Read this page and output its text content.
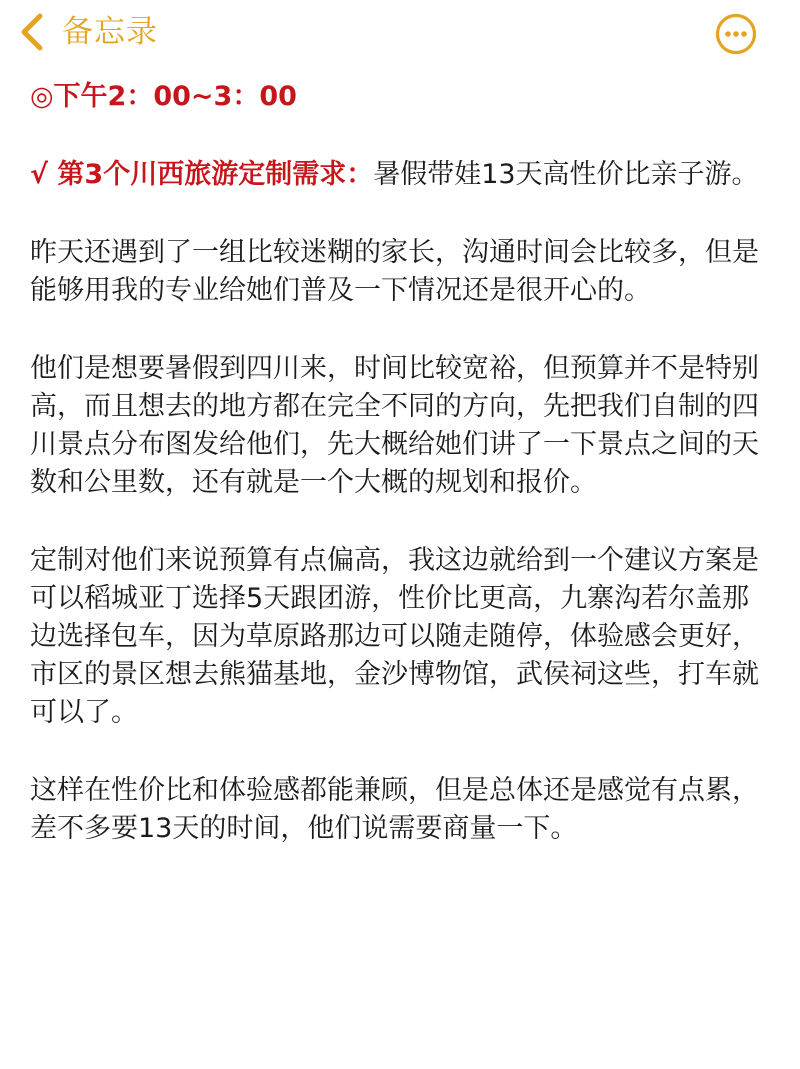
备忘录

◎下午2：00~3：00

√ 第3个川西旅游定制需求：暑假带娃13天高性价比亲子游。

昨天还遇到了一组比较迷糊的家长，沟通时间会比较多，但是能够用我的专业给她们普及一下情况还是很开心的。

他们是想要暑假到四川来，时间比较宽裕，但预算并不是特别高，而且想去的地方都在完全不同的方向，先把我们自制的四川景点分布图发给他们，先大概给她们讲了一下景点之间的天数和公里数，还有就是一个大概的规划和报价。

定制对他们来说预算有点偏高，我这边就给到一个建议方案是可以稻城亚丁选择5天跟团游，性价比更高，九寨沟若尔盖那边选择包车，因为草原路那边可以随走随停，体验感会更好，市区的景区想去熊猫基地，金沙博物馆，武侯祠这些，打车就可以了。

这样在性价比和体验感都能兼顾，但是总体还是感觉有点累，差不多要13天的时间，他们说需要商量一下。
